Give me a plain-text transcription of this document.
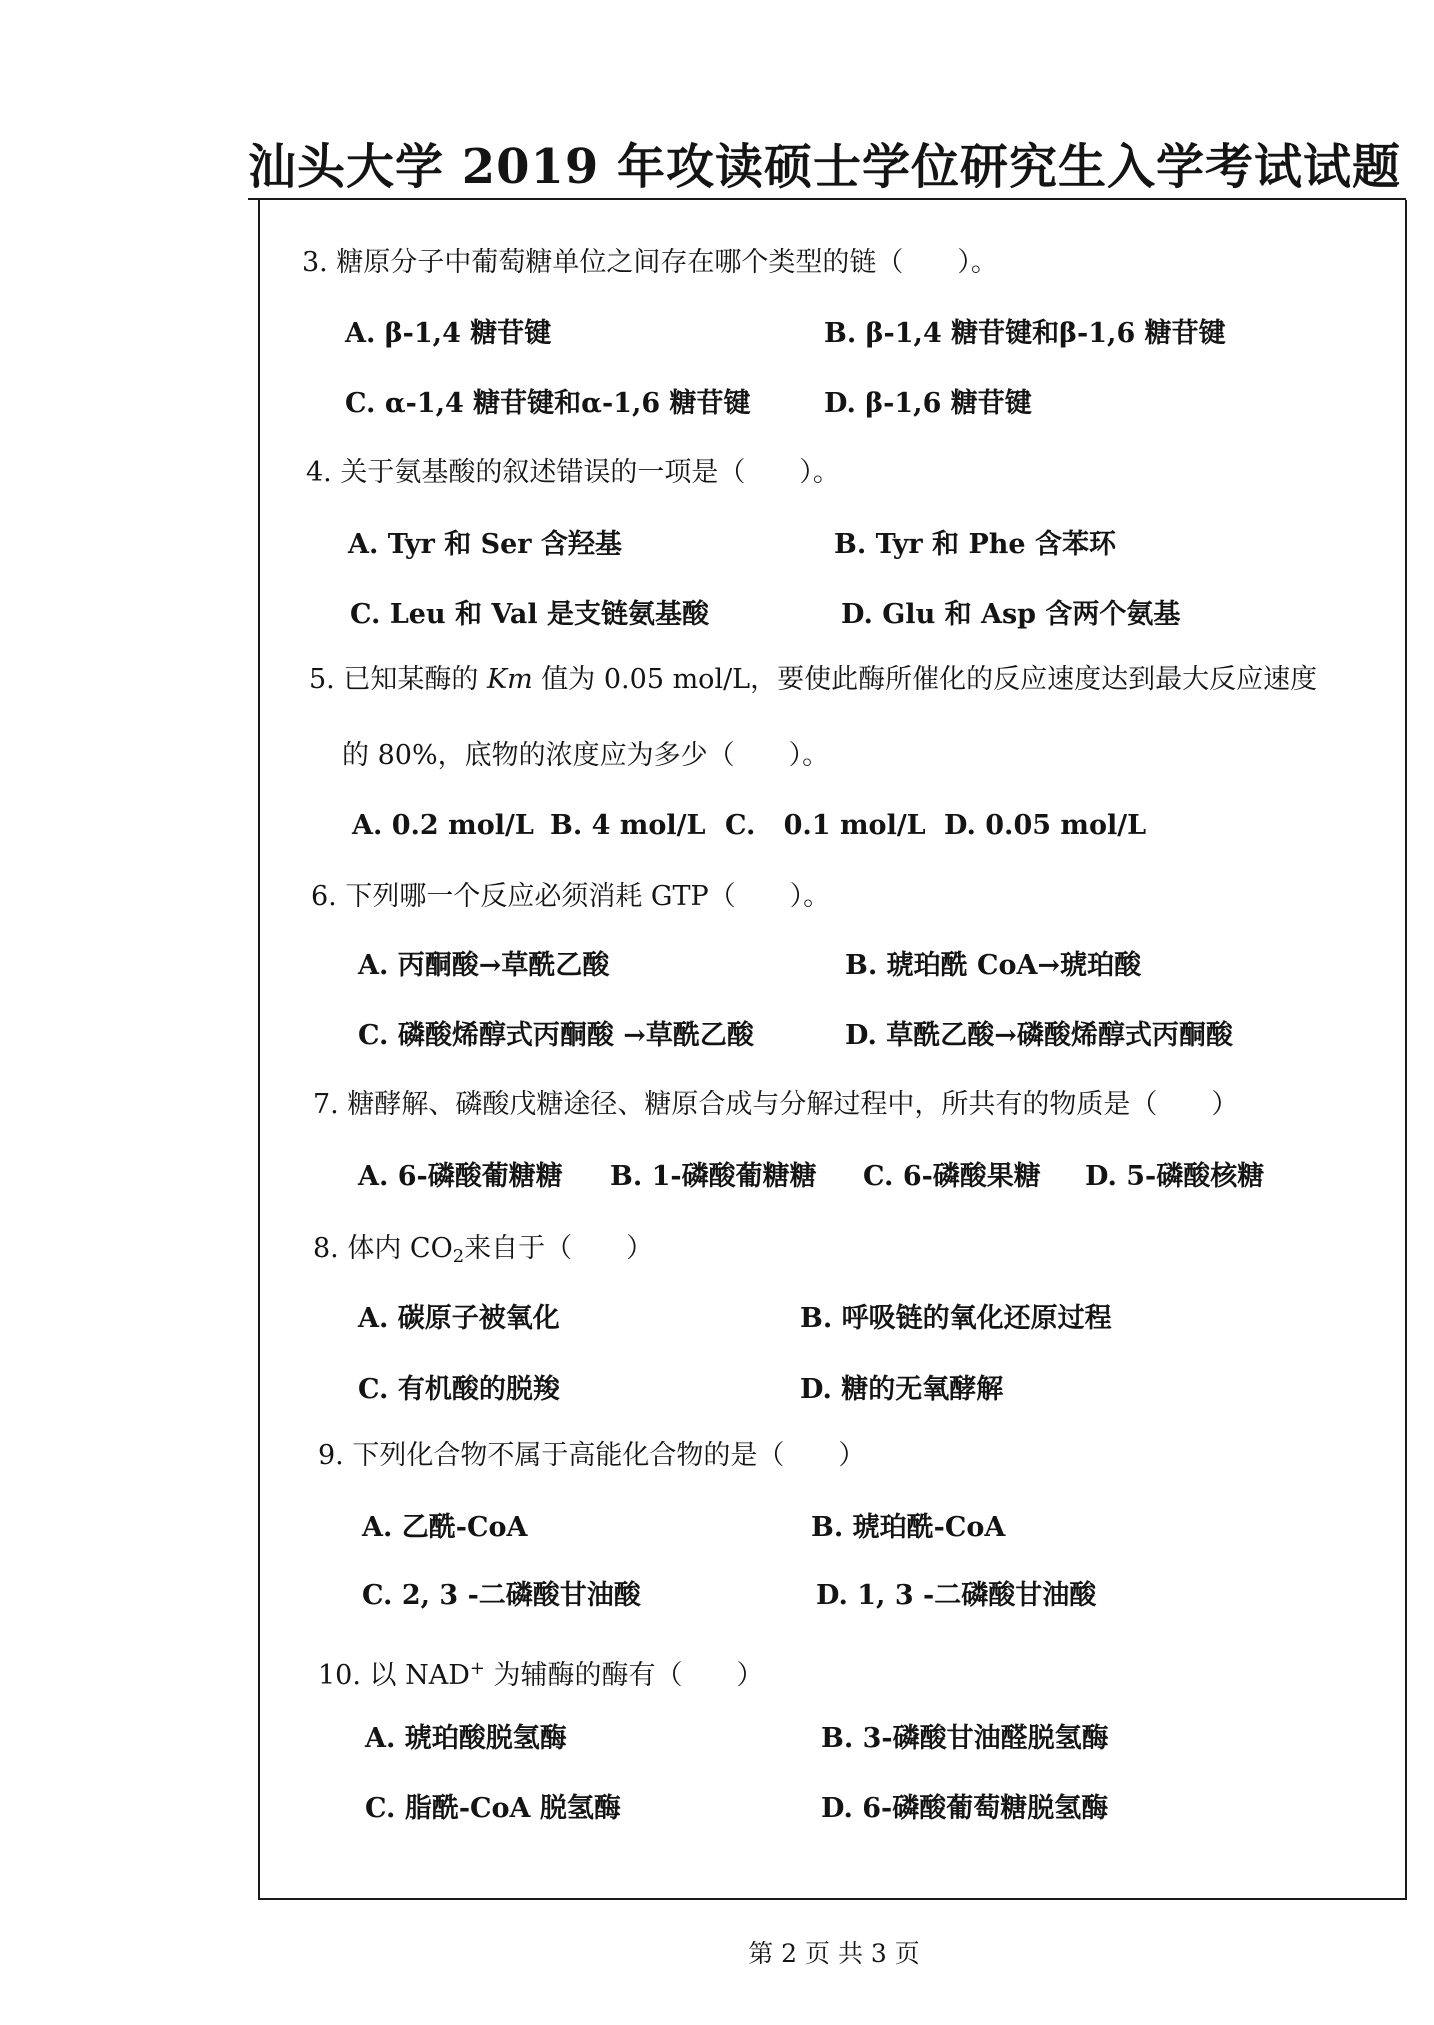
汕头大学 2019 年攻读硕士学位研究生入学考试试题
3. 糖原分子中葡萄糖单位之间存在哪个类型的链（　　）。
A. β-1,4 糖苷键	B. β-1,4 糖苷键和β-1,6 糖苷键
C. α-1,4 糖苷键和α-1,6 糖苷键	D. β-1,6 糖苷键
4. 关于氨基酸的叙述错误的一项是（　　）。
A. Tyr 和 Ser 含羟基	B. Tyr 和 Phe 含苯环
C. Leu 和 Val 是支链氨基酸	D. Glu 和 Asp 含两个氨基
5. 已知某酶的 Km 值为 0.05 mol/L，要使此酶所催化的反应速度达到最大反应速度
的 80%，底物的浓度应为多少（　　）。
A. 0.2 mol/L B. 4 mol/L C.   0.1 mol/L D. 0.05 mol/L
6. 下列哪一个反应必须消耗 GTP（　　）。
A. 丙酮酸→草酰乙酸	B. 琥珀酰 CoA→琥珀酸
C. 磷酸烯醇式丙酮酸 →草酰乙酸	D. 草酰乙酸→磷酸烯醇式丙酮酸
7. 糖酵解、磷酸戊糖途径、糖原合成与分解过程中，所共有的物质是（　　）
A. 6-磷酸葡糖糖 B. 1-磷酸葡糖糖 C. 6-磷酸果糖 D. 5-磷酸核糖
8. 体内 $CO_2$来自于（　　）
A. 碳原子被氧化	B. 呼吸链的氧化还原过程
C. 有机酸的脱羧	D. 糖的无氧酵解
9. 下列化合物不属于高能化合物的是（　　）
A. 乙酰-CoA	B. 琥珀酰-CoA
C. 2, 3 -二磷酸甘油酸	D. 1, 3 -二磷酸甘油酸
10. 以 NAD+ 为辅酶的酶有（　　）
A. 琥珀酸脱氢酶	B. 3-磷酸甘油醛脱氢酶
C. 脂酰-CoA 脱氢酶	D. 6-磷酸葡萄糖脱氢酶
第 2 页 共 3 页
